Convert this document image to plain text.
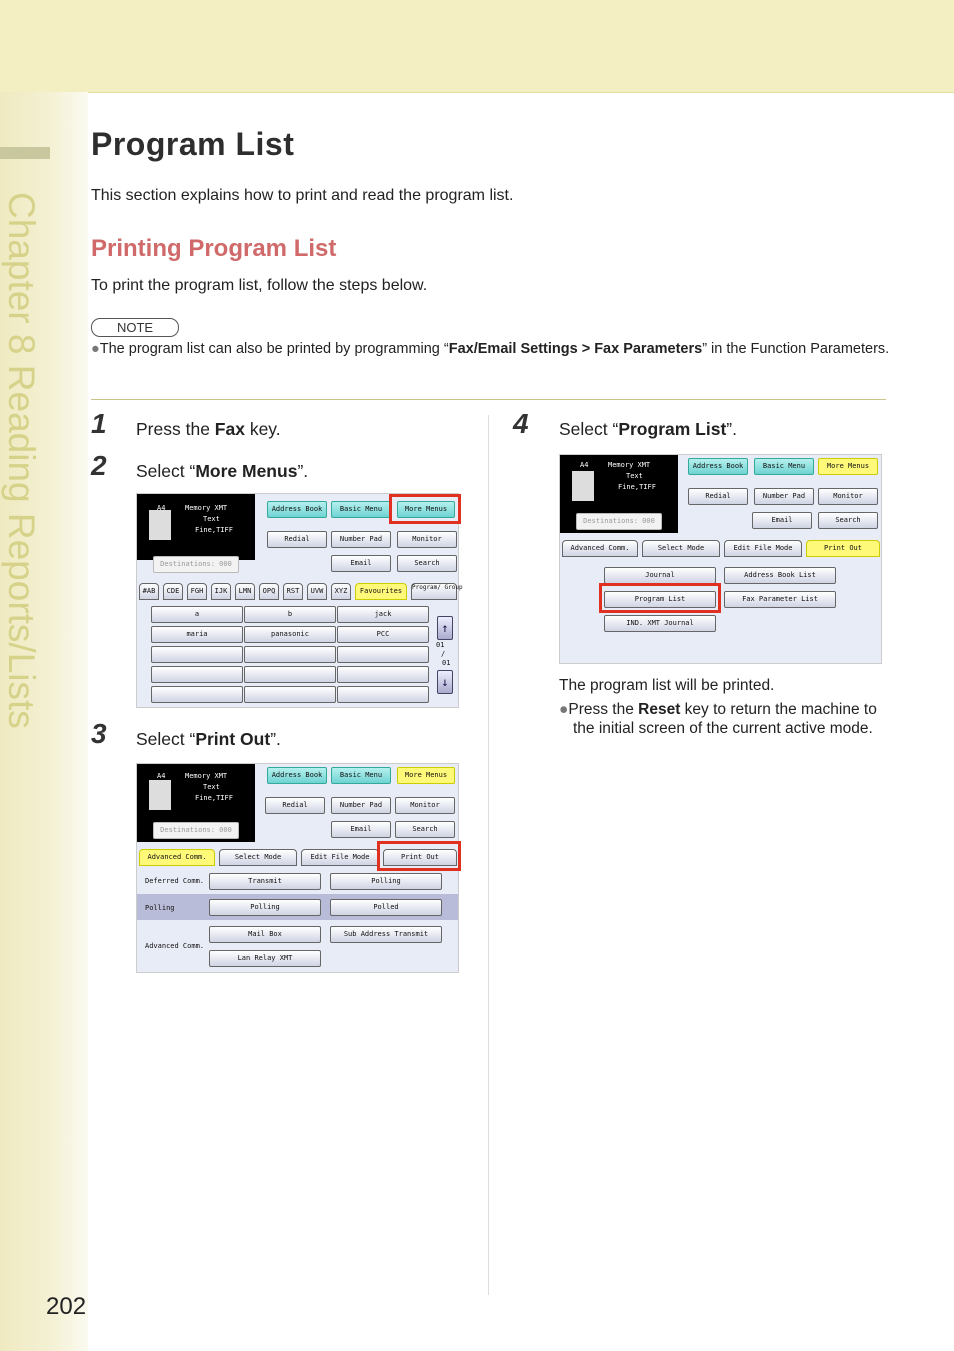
Chapter 8 Reading Reports/Lists
202
Program List

This section explains how to print and read the program list.

Printing Program List

To print the program list, follow the steps below.

NOTE
●The program list can also be printed by programming “Fax/Email Settings > Fax Parameters” in the Function Parameters.
1 Press the Fax key.
2 Select “More Menus”.
A4	Memory XMT
Text
Fine,TIFF
Destinations: 000
Address Book	Basic Menu	More Menus
Redial	Number Pad	Monitor
Email	Search
#AB	CDE	FGH	IJK	LMN	OPQ	RST	UVW	XYZ	Favourites	Program/ Group
a	b	jack
maria	panasonic	PCC	↑
01
/
01
↓
3 Select “Print Out”.
A4	Memory XMT
Text
Fine,TIFF
Destinations: 000
Address Book	Basic Menu	More Menus
Redial	Number Pad	Monitor
Email	Search
Advanced Comm.	Select Mode	Edit File Mode	Print Out
Deferred Comm.	Transmit	Polling
Polling	Polling	Polled
Advanced Comm.
Mail Box	Sub Address Transmit
Lan Relay XMT
4 Select “Program List”.
A4	Memory XMT
Text
Fine,TIFF
Destinations: 000
Address Book	Basic Menu	More Menus
Redial	Number Pad	Monitor
Email	Search
Advanced Comm.	Select Mode	Edit File Mode	Print Out
Journal	Address Book List
Program List	Fax Parameter List
IND. XMT Journal
The program list will be printed.
●Press the Reset key to return the machine to the initial screen of the current active mode.
